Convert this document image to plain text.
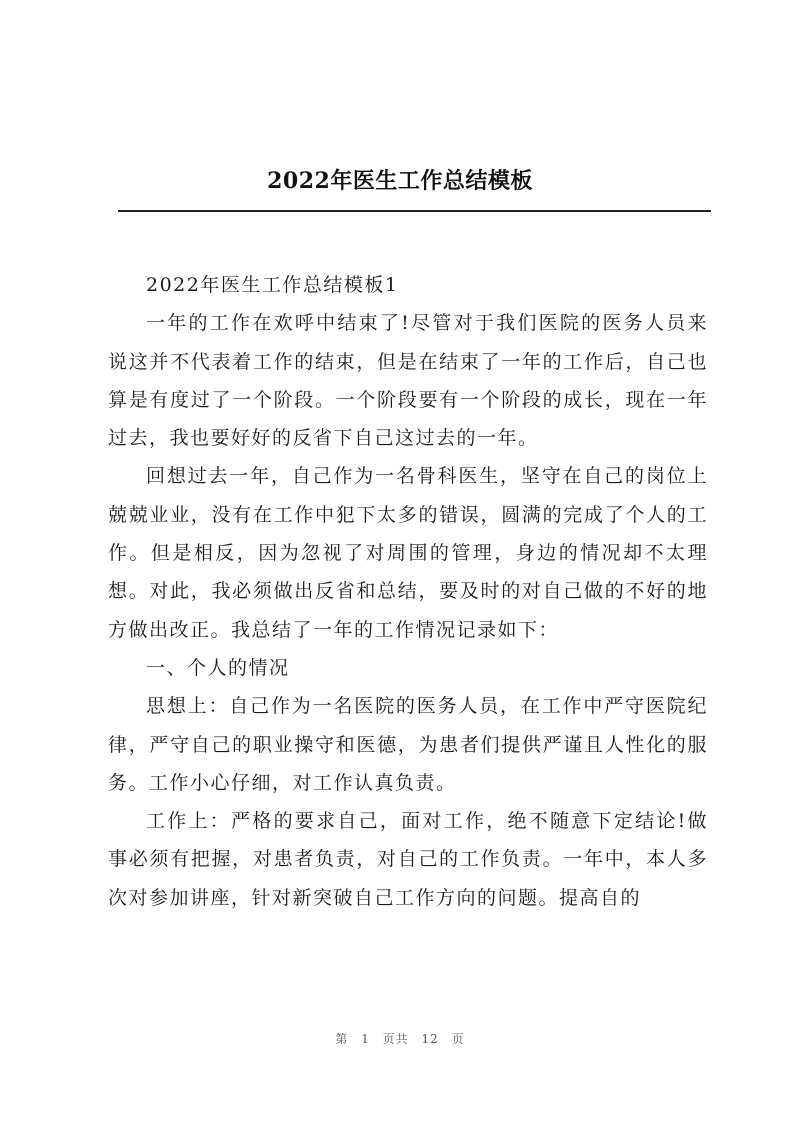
2022年医生工作总结模板

2022年医生工作总结模板1

一年的工作在欢呼中结束了!尽管对于我们医院的医务人员来说这并不代表着工作的结束，但是在结束了一年的工作后，自己也算是有度过了一个阶段。一个阶段要有一个阶段的成长，现在一年过去，我也要好好的反省下自己这过去的一年。

回想过去一年，自己作为一名骨科医生，坚守在自己的岗位上兢兢业业，没有在工作中犯下太多的错误，圆满的完成了个人的工作。但是相反，因为忽视了对周围的管理，身边的情况却不太理想。对此，我必须做出反省和总结，要及时的对自己做的不好的地方做出改正。我总结了一年的工作情况记录如下：

一、个人的情况

思想上：自己作为一名医院的医务人员，在工作中严守医院纪律，严守自己的职业操守和医德，为患者们提供严谨且人性化的服务。工作小心仔细，对工作认真负责。

工作上：严格的要求自己，面对工作，绝不随意下定结论!做事必须有把握，对患者负责，对自己的工作负责。一年中，本人多次对参加讲座，针对新突破自己工作方向的问题。提高自的

第 1 页共 12 页
